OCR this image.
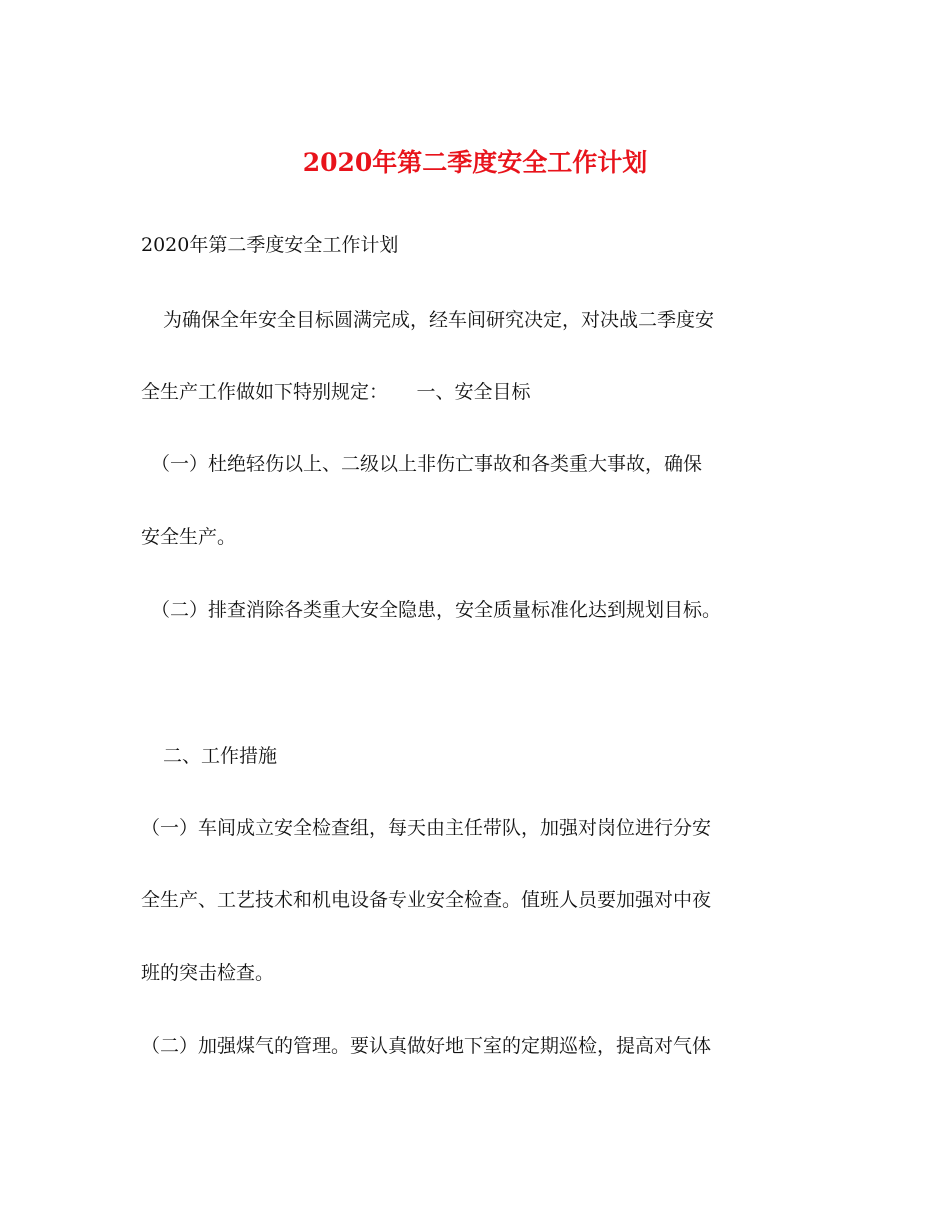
2020年第二季度安全工作计划

2020年第二季度安全工作计划

为确保全年安全目标圆满完成，经车间研究决定，对决战二季度安

全生产工作做如下特别规定：　　一、安全目标

（一）杜绝轻伤以上、二级以上非伤亡事故和各类重大事故，确保

安全生产。

（二）排查消除各类重大安全隐患，安全质量标准化达到规划目标。

二、工作措施

（一）车间成立安全检查组，每天由主任带队，加强对岗位进行分安

全生产、工艺技术和机电设备专业安全检查。值班人员要加强对中夜

班的突击检查。

（二）加强煤气的管理。要认真做好地下室的定期巡检，提高对气体
